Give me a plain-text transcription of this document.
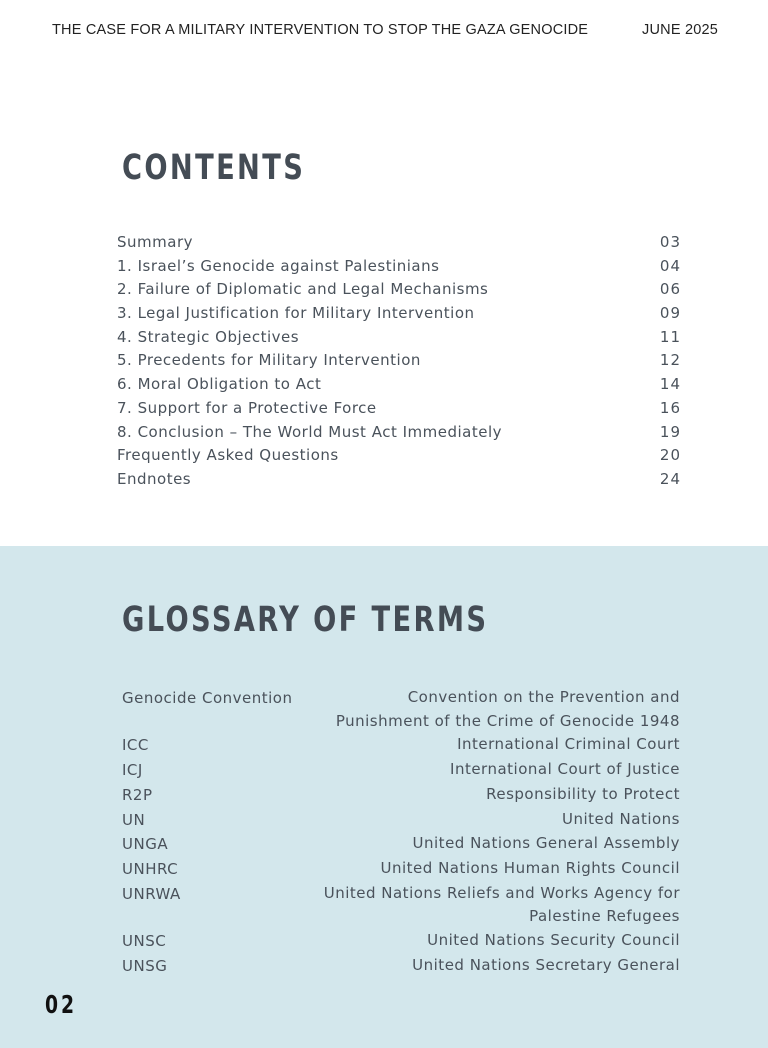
THE CASE FOR A MILITARY INTERVENTION TO STOP THE GAZA GENOCIDE	JUNE 2025
CONTENTS
Summary	03
1. Israel’s Genocide against Palestinians	04
2. Failure of Diplomatic and Legal Mechanisms	06
3. Legal Justification for Military Intervention	09
4. Strategic Objectives	11
5. Precedents for Military Intervention	12
6. Moral Obligation to Act	14
7. Support for a Protective Force	16
8. Conclusion – The World Must Act Immediately	19
Frequently Asked Questions	20
Endnotes	24
GLOSSARY OF TERMS
Genocide Convention	Convention on the Prevention and Punishment of the Crime of Genocide 1948
ICC	International Criminal Court
ICJ	International Court of Justice
R2P	Responsibility to Protect
UN	United Nations
UNGA	United Nations General Assembly
UNHRC	United Nations Human Rights Council
UNRWA	United Nations Reliefs and Works Agency for Palestine Refugees
UNSC	United Nations Security Council
UNSG	United Nations Secretary General
02
